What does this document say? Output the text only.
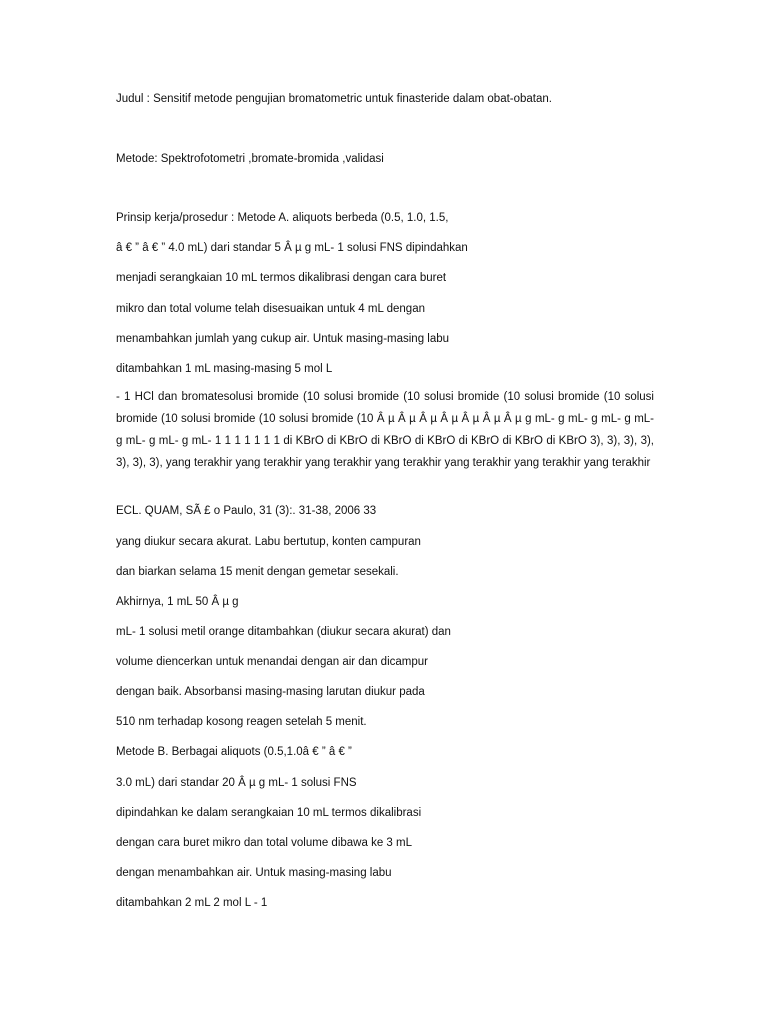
Judul : Sensitif metode pengujian bromatometric untuk finasteride dalam obat-obatan.
Metode: Spektrofotometri ,bromate-bromida ,validasi
Prinsip kerja/prosedur : Metode A. aliquots berbeda (0.5, 1.0, 1.5,
â € ” â € ” 4.0 mL) dari standar 5 Â µ g mL- 1 solusi FNS dipindahkan
menjadi serangkaian 10 mL termos dikalibrasi dengan cara buret
mikro dan total volume telah disesuaikan untuk 4 mL dengan
menambahkan jumlah yang cukup air. Untuk masing-masing labu
ditambahkan 1 mL masing-masing 5 mol L
- 1 HCl dan bromatesolusi bromide (10 solusi bromide (10 solusi bromide (10 solusi bromide (10 solusi bromide (10 solusi bromide (10 solusi bromide (10 Â µ Â µ Â µ Â µ Â µ Â µ Â µ g mL- g mL- g mL- g mL- g mL- g mL- g mL- 1 1 1 1 1 1 1 di KBrO di KBrO di KBrO di KBrO di KBrO di KBrO di KBrO 3), 3), 3), 3), 3), 3), 3), yang terakhir yang terakhir yang terakhir yang terakhir yang terakhir yang terakhir yang terakhir
ECL. QUAM, SÃ £ o Paulo, 31 (3):. 31-38, 2006 33
yang diukur secara akurat. Labu bertutup, konten campuran
dan biarkan selama 15 menit dengan gemetar sesekali.
Akhirnya, 1 mL 50 Â µ g
mL- 1 solusi metil orange ditambahkan (diukur secara akurat) dan
volume diencerkan untuk menandai dengan air dan dicampur
dengan baik. Absorbansi masing-masing larutan diukur pada
510 nm terhadap kosong reagen setelah 5 menit.
Metode B. Berbagai aliquots (0.5,1.0â € ” â € ”
3.0 mL) dari standar 20 Â µ g mL- 1 solusi FNS
dipindahkan ke dalam serangkaian 10 mL termos dikalibrasi
dengan cara buret mikro dan total volume dibawa ke 3 mL
dengan menambahkan air. Untuk masing-masing labu
ditambahkan 2 mL 2 mol L - 1
